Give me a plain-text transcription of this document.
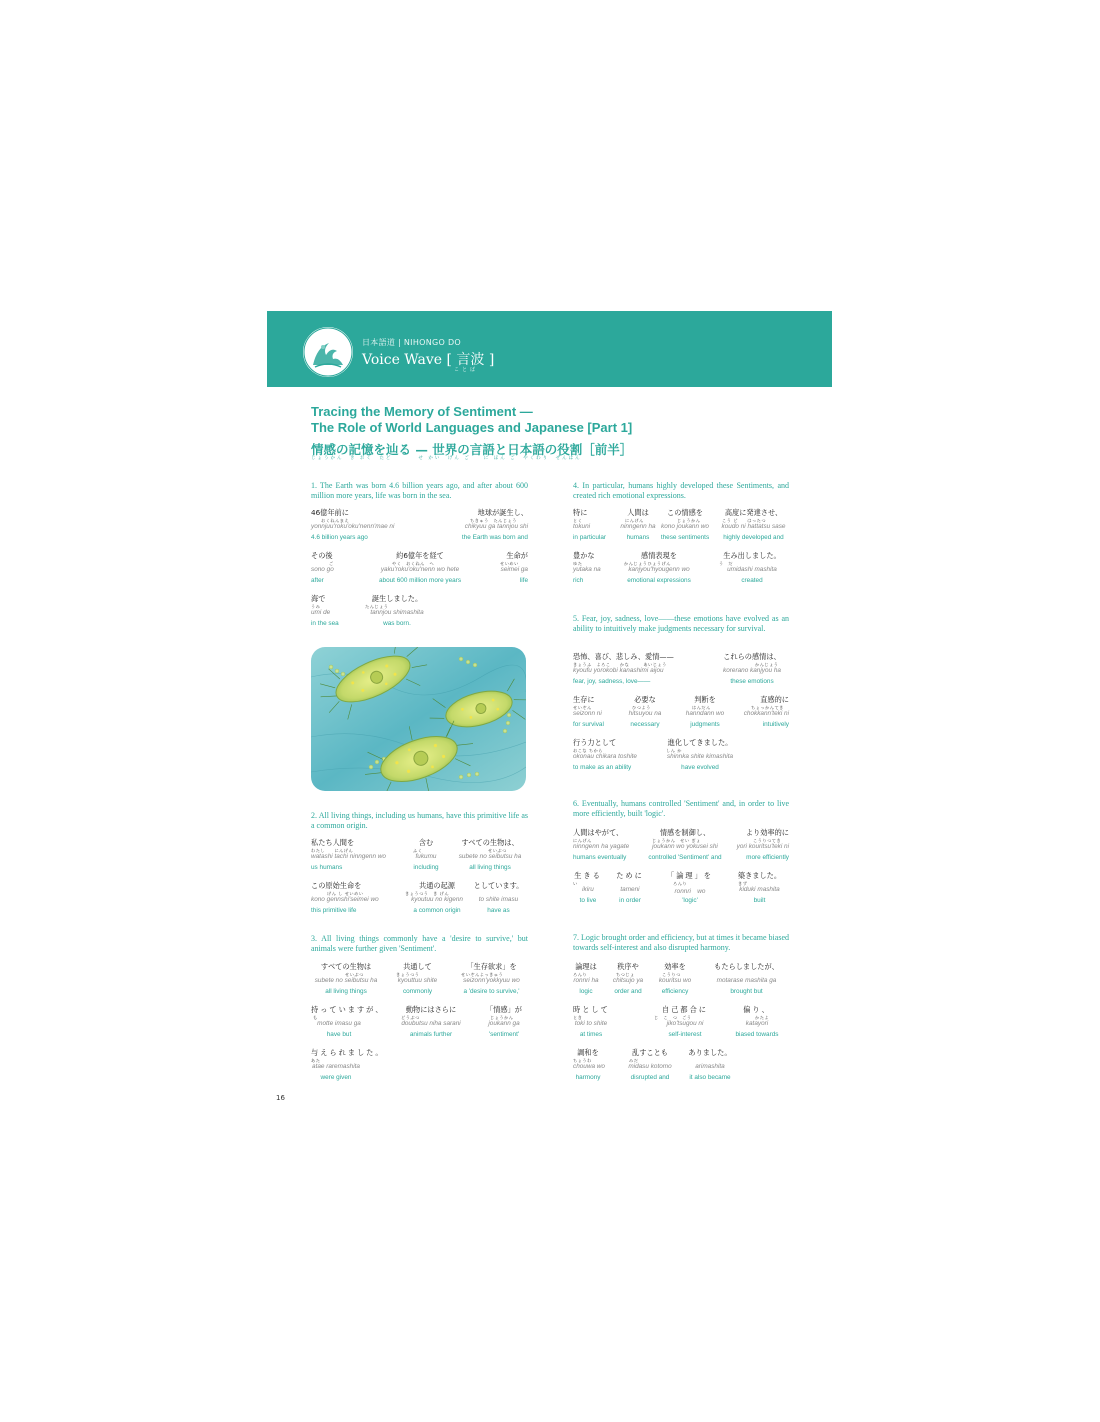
日本語道 | NIHONGO DO
Voice Wave [ 言波 ]
ことば
Tracing the Memory of Sentiment —
The Role of World Languages and Japanese [Part 1]
情感の記憶を辿る — 世界の言語と日本語の役割［前半］
じょうかん　き おく　たど　　　　せ かい　げん ご　　に ほん ご　やくわり　ぜんはん
1. The Earth was born 4.6 billion years ago, and after about 600 million more years, life was born in the sea.
46億年前に
おくねんまえ
yonnjuu'roku'oku'nenn'mae ni
4.6 billion years ago
地球が誕生し、
ちきゅう　たんじょう
chikyuu ga tannjou shi
the Earth was born and
その後
ご
sono go
after
約6億年を経て
やく　おくねん　へ
yaku'roku'oku'nenn wo hete
about 600 million more years
生命が
せいめい
seimei ga
life
海で
うみ
umi de
in the sea
誕生しました。
たんじょう
tannjou shimashita
was born.
2. All living things, including us humans, have this primitive life as a common origin.
私たち人間を
わたし　　にんげん
watashi tachi ninngenn wo
us humans
含む
ふく
fukumu
including
すべての生物は、
せいぶつ
subete no seibutsu ha
all living things
この原始生命を
げん し せいめい
kono gennshi'seimei wo
this primitive life
共通の起源
きょうつう　き げん
kyoutuu no kigenn
a common origin
としています。
to shite imasu
have as
3. All living things commonly have a 'desire to survive,' but animals were further given 'Sentiment'.
すべての生物は
せいぶつ
subete no seibutsu ha
all living things
共通して
きょうつう
kyouttuu shite
commonly
「生存欲求」を
せいぞんよっきゅう
seizonn'yokkyuu wo
a 'desire to survive,'
持っていますが、
も
motte imasu ga
have but
動物にはさらに
どうぶつ
doubutsu niha sarani
animals further
「情感」が
じょうかん
joukann ga
'sentiment'
与えられました。
あた
atae raremashita
were given
4. In particular, humans highly developed these Sentiments, and created rich emotional expressions.
特に
とく
tokuni
in particular
人間は
にんげん
ninngenn ha
humans
この情感を
じょうかん
kono joukann wo
these sentiments
高度に発達させ、
こう ど　　はったつ
koudo ni hattatsu sase
highly developed and
豊かな
ゆた
yutaka na
rich
感情表現を
かんじょうひょうげん
kanjyou'hyougenn wo
emotional expressions
生み出しました。
う　だ
umidashi mashita
created
5. Fear, joy, sadness, love——these emotions have evolved as an ability to intuitively make judgments necessary for survival.
恐怖、喜び、悲しみ、愛情——
きょうふ　よろこ　　かな　　　あいじょう
kyoufu yorokobi kanashimi aijou
fear, joy, sadness, love——
これらの感情は、
かんじょう
korerano kanjyou ha
these emotions
生存に
せいぞん
seizonn ni
for survival
必要な
ひつよう
hitsuyou na
necessary
判断を
はんだん
hanndann wo
judgments
直感的に
ちょっかんてき
chokkann'teki ni
intuitively
行う力として
おこな ちから
okonau chikara toshite
to make as an ability
進化してきました。
しん か
shinnka shite kimashita
have evolved
6. Eventually, humans controlled 'Sentiment' and, in order to live more efficiently, built 'logic'.
人間はやがて、
にんげん
ninngenn ha yagate
humans eventually
情感を制御し、
じょうかん　せい ぎょ
joukann wo yokusei shi
controlled 'Sentiment' and
より効率的に
こうりつてき
yori kouritsu'teki ni
more efficiently
生きる
い
ikiru
to live
ために
tameni
in order
「論理」を
ろんり
ronnri　wo
'logic'
築きました。
きず
kiduki mashita
built
7. Logic brought order and efficiency, but at times it became biased towards self-interest and also disrupted harmony.
論理は
ろんり
ronnri ha
logic
秩序や
ちつじょ
chitsujo ya
order and
効率を
こうりつ
kouritsu wo
efficiency
もたらしましたが、
motarase mashita ga
brought but
時として
とき
toki to shite
at times
自己都合に
じ　こ　つ　ごう
jiko'tsugou ni
self-interest
偏り、
かたよ
katayori
biased towards
調和を
ちょうわ
chouwa wo
harmony
乱すことも
みだ
midasu kotomo
disrupted and
ありました。
arimashita
it also became
16
